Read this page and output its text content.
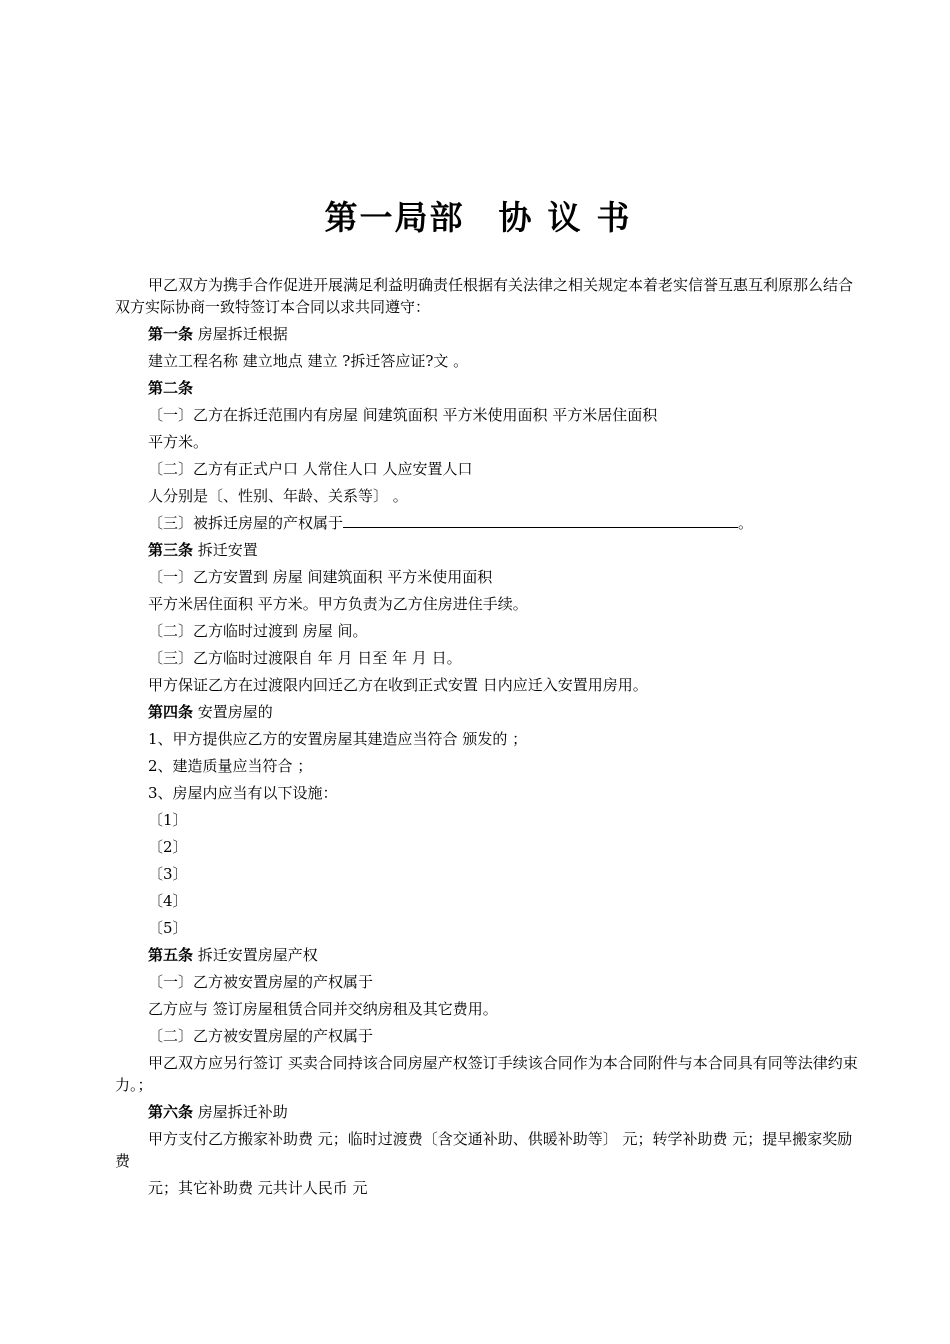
第一局部 协议书

甲乙双方为携手合作促进开展满足利益明确责任根据有关法律之相关规定本着老实信誉互惠互利原那么结合双方实际协商一致特签订本合同以求共同遵守：

第一条 房屋拆迁根据

建立工程名称 建立地点 建立 ?拆迁答应证?文 。

第二条

〔一〕乙方在拆迁范围内有房屋 间建筑面积 平方米使用面积 平方米居住面积

平方米。

〔二〕乙方有正式户口 人常住人口 人应安置人口

人分别是〔、性别、年龄、关系等〕 。

〔三〕被拆迁房屋的产权属于	。

第三条 拆迁安置

〔一〕乙方安置到 房屋 间建筑面积 平方米使用面积

平方米居住面积 平方米。甲方负责为乙方住房进住手续。

〔二〕乙方临时过渡到 房屋 间。

〔三〕乙方临时过渡限自 年 月 日至 年 月 日。

甲方保证乙方在过渡限内回迁乙方在收到正式安置 日内应迁入安置用房用。

第四条 安置房屋的

1、甲方提供应乙方的安置房屋其建造应当符合 颁发的 ；

2、建造质量应当符合 ；

3、房屋内应当有以下设施：

〔1〕

〔2〕

〔3〕

〔4〕

〔5〕

第五条 拆迁安置房屋产权

〔一〕乙方被安置房屋的产权属于

乙方应与 签订房屋租赁合同并交纳房租及其它费用。

〔二〕乙方被安置房屋的产权属于

甲乙双方应另行签订 买卖合同持该合同房屋产权签订手续该合同作为本合同附件与本合同具有同等法律约束力。；

第六条 房屋拆迁补助

甲方支付乙方搬家补助费 元；临时过渡费〔含交通补助、供暖补助等〕 元；转学补助费 元；提早搬家奖励费

元；其它补助费 元共计人民币 元
